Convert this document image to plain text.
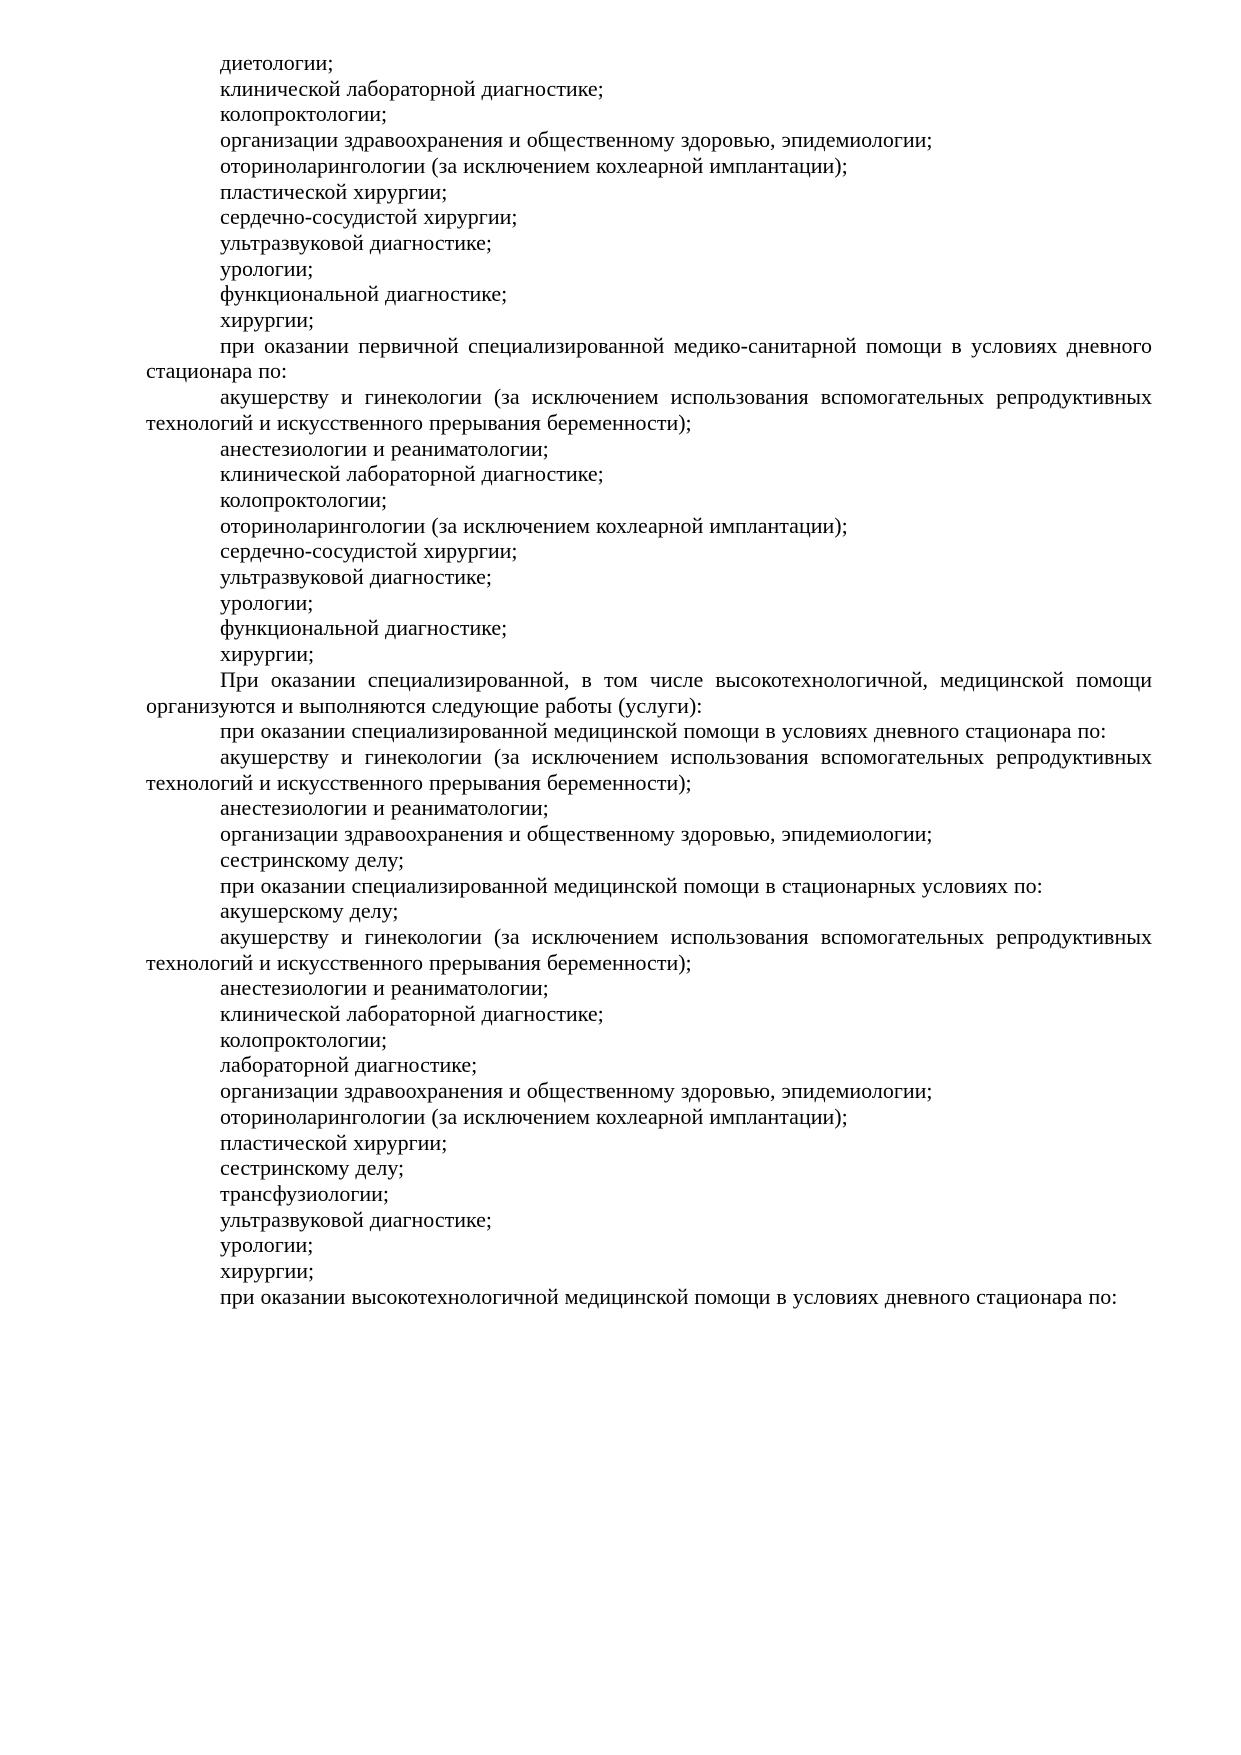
диетологии;

клинической лабораторной диагностике;

колопроктологии;

организации здравоохранения и общественному здоровью, эпидемиологии;

оториноларингологии (за исключением кохлеарной имплантации);

пластической хирургии;

сердечно-сосудистой хирургии;

ультразвуковой диагностике;

урологии;

функциональной диагностике;

хирургии;

при оказании первичной специализированной медико-санитарной помощи в условиях дневного стационара по:

акушерству и гинекологии (за исключением использования вспомогательных репродуктивных технологий и искусственного прерывания беременности);

анестезиологии и реаниматологии;

клинической лабораторной диагностике;

колопроктологии;

оториноларингологии (за исключением кохлеарной имплантации);

сердечно-сосудистой хирургии;

ультразвуковой диагностике;

урологии;

функциональной диагностике;

хирургии;

При оказании специализированной, в том числе высокотехнологичной, медицинской помощи организуются и выполняются следующие работы (услуги):

при оказании специализированной медицинской помощи в условиях дневного стационара по:

акушерству и гинекологии (за исключением использования вспомогательных репродуктивных технологий и искусственного прерывания беременности);

анестезиологии и реаниматологии;

организации здравоохранения и общественному здоровью, эпидемиологии;

сестринскому делу;

при оказании специализированной медицинской помощи в стационарных условиях по:

акушерскому делу;

акушерству и гинекологии (за исключением использования вспомогательных репродуктивных технологий и искусственного прерывания беременности);

анестезиологии и реаниматологии;

клинической лабораторной диагностике;

колопроктологии;

лабораторной диагностике;

организации здравоохранения и общественному здоровью, эпидемиологии;

оториноларингологии (за исключением кохлеарной имплантации);

пластической хирургии;

сестринскому делу;

трансфузиологии;

ультразвуковой диагностике;

урологии;

хирургии;

при оказании высокотехнологичной медицинской помощи в условиях дневного стационара по:
